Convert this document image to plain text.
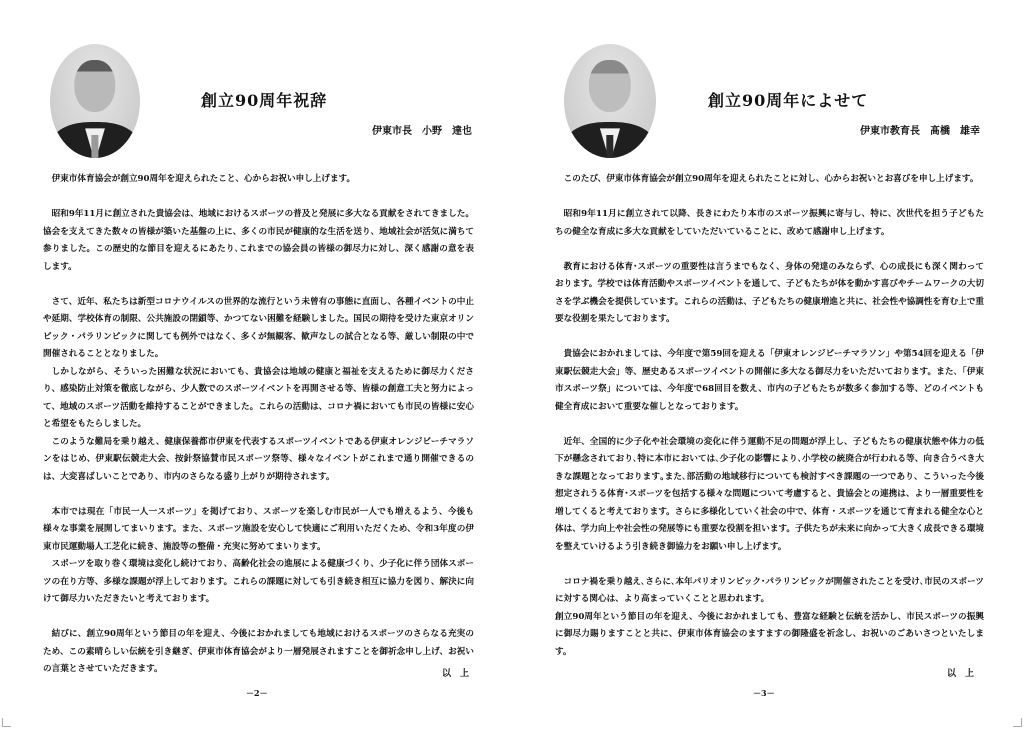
創立90周年祝辞
伊東市長　小野　達也

伊東市体育協会が創立90周年を迎えられたこと、心からお祝い申し上げます。

昭和9年11月に創立された貴協会は、地域におけるスポーツの普及と発展に多大なる貢献をされてきました。協会を支えてきた数々の皆様が築いた基盤の上に、多くの市民が健康的な生活を送り、地域社会が活気に満ちて参りました。この歴史的な節目を迎えるにあたり､これまでの協会員の皆様の御尽力に対し、深く感謝の意を表します。

さて、近年、私たちは新型コロナウイルスの世界的な流行という未曾有の事態に直面し、各種イベントの中止や延期、学校体育の制限、公共施設の閉鎖等、かつてない困難を経験しました。国民の期待を受けた東京オリンピック・パラリンピックに関しても例外ではなく、多くが無観客、歓声なしの試合となる等、厳しい制限の中で開催されることとなりました。

しかしながら、そういった困難な状況においても、貴協会は地域の健康と福祉を支えるために御尽力くださり、感染防止対策を徹底しながら、少人数でのスポーツイベントを再開させる等、皆様の創意工夫と努力によって、地域のスポーツ活動を維持することができました。これらの活動は、コロナ禍においても市民の皆様に安心と希望をもたらしました。

このような難局を乗り越え、健康保養都市伊東を代表するスポーツイベントである伊東オレンジビーチマラソンをはじめ、伊東駅伝競走大会、按針祭協賛市民スポーツ祭等、様々なイベントがこれまで通り開催できるのは、大変喜ばしいことであり、市内のさらなる盛り上がりが期待されます。

本市では現在「市民一人一スポーツ」を掲げており、スポーツを楽しむ市民が一人でも増えるよう、今後も様々な事業を展開してまいります。また、スポーツ施設を安心して快適にご利用いただくため、令和3年度の伊東市民運動場人工芝化に続き、施設等の整備・充実に努めてまいります。

スポーツを取り巻く環境は変化し続けており、高齢化社会の進展による健康づくり、少子化に伴う団体スポーツの在り方等、多様な課題が浮上しております。これらの課題に対しても引き続き相互に協力を図り、解決に向けて御尽力いただきたいと考えております。

結びに、創立90周年という節目の年を迎え、今後におかれましても地域におけるスポーツのさらなる充実のため、この素晴らしい伝統を引き継ぎ、伊東市体育協会がより一層発展されますことを御祈念申し上げ、お祝いの言葉とさせていただきます。	以　上
－2－
創立90周年によせて
伊東市教育長　髙橋　雄幸

このたび、伊東市体育協会が創立90周年を迎えられたことに対し、心からお祝いとお喜びを申し上げます。

昭和9年11月に創立されて以降、長きにわたり本市のスポーツ振興に寄与し、特に、次世代を担う子どもたちの健全な育成に多大な貢献をしていただいていることに、改めて感謝申し上げます。

教育における体育･スポーツの重要性は言うまでもなく、身体の発達のみならず、心の成長にも深く関わっております。学校では体育活動やスポーツイベントを通して、子どもたちが体を動かす喜びやチームワークの大切さを学ぶ機会を提供しています。これらの活動は、子どもたちの健康増進と共に、社会性や協調性を育む上で重要な役割を果たしております。

貴協会におかれましては、今年度で第59回を迎える「伊東オレンジビーチマラソン」や第54回を迎える「伊東駅伝競走大会」等、歴史あるスポーツイベントの開催に多大なる御尽力をいただいております。また､「伊東市スポーツ祭」については、今年度で68回目を数え、市内の子どもたちが数多く参加する等、どのイベントも健全育成において重要な催しとなっております。

近年、全国的に少子化や社会環境の変化に伴う運動不足の問題が浮上し、子どもたちの健康状態や体力の低下が懸念されており､特に本市においては､少子化の影響により､小学校の統廃合が行われる等、向き合うべき大きな課題となっております｡また､部活動の地域移行についても検討すべき課題の一つであり、こういった今後想定されうる体育･スポーツを包括する様々な問題について考慮すると、貴協会との連携は、より一層重要性を増してくると考えております。さらに多様化していく社会の中で、体育・スポーツを通じて育まれる健全な心と体は、学力向上や社会性の発展等にも重要な役割を担います。子供たちが未来に向かって大きく成長できる環境を整えていけるよう引き続き御協力をお願い申し上げます。

コロナ禍を乗り越え､さらに､本年パリオリンピック･パラリンピックが開催されたことを受け､市民のスポーツに対する関心は、より高まっていくことと思われます。

創立90周年という節目の年を迎え、今後におかれましても、豊富な経験と伝統を活かし、市民スポーツの振興に御尽力賜りますことと共に、伊東市体育協会のますますの御隆盛を祈念し、お祝いのごあいさつといたします。

以　上
－3－
